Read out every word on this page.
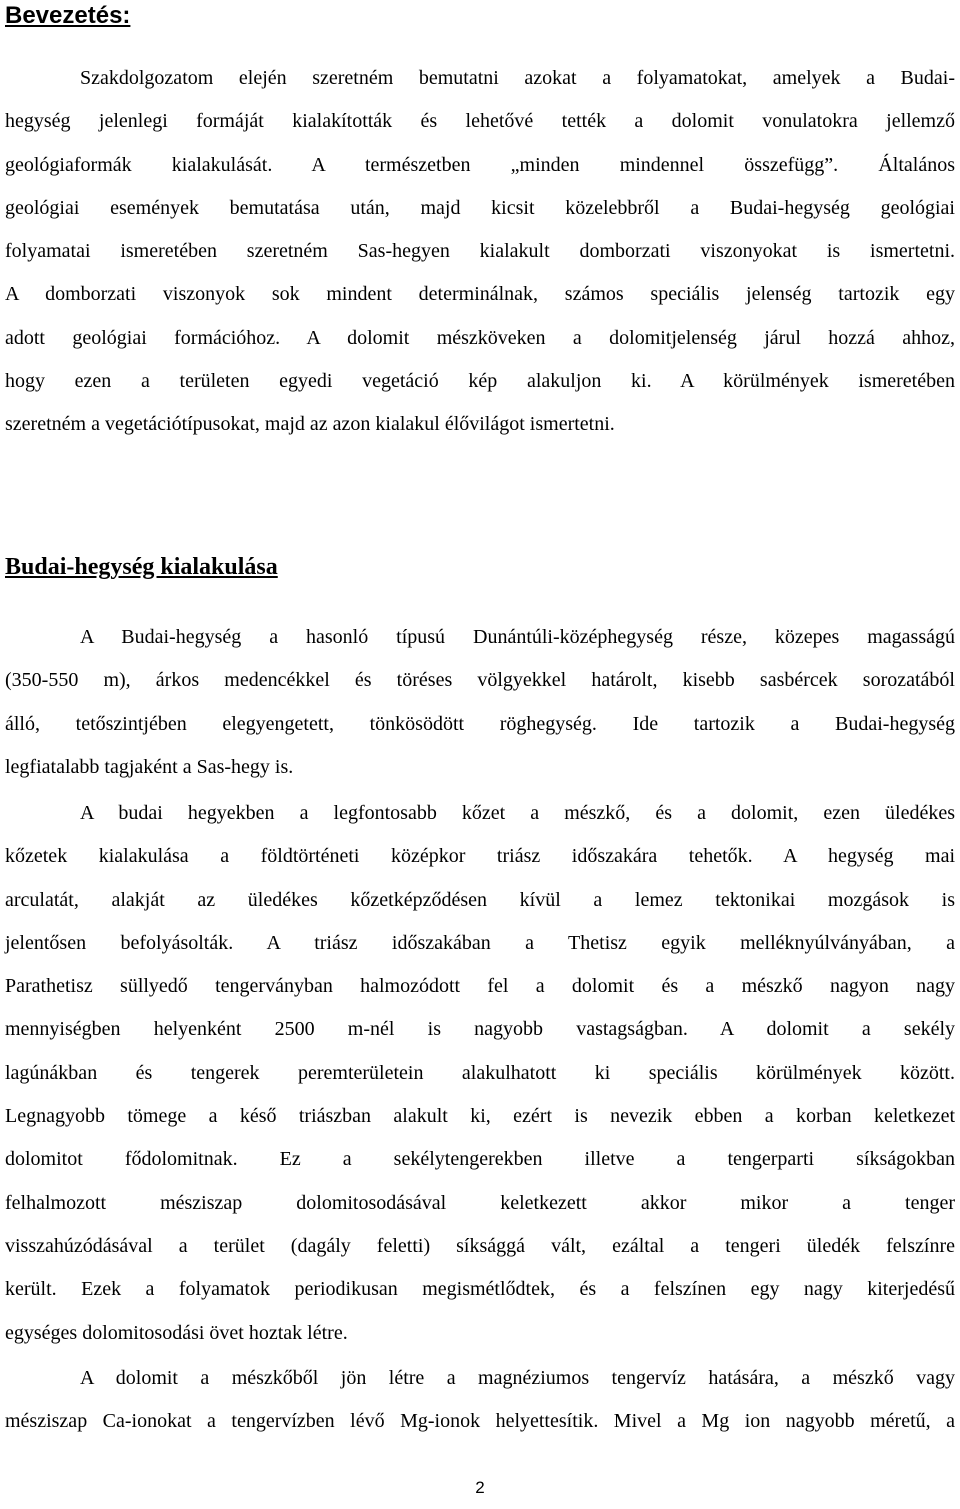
Bevezetés:

Szakdolgozatom elején szeretném bemutatni azokat a folyamatokat, amelyek a Budai-
hegység jelenlegi formáját kialakították és lehetővé tették a dolomit vonulatokra jellemző
geológiaformák kialakulását. A természetben „minden mindennel összefügg”. Általános
geológiai események bemutatása után, majd kicsit közelebbről a Budai-hegység geológiai
folyamatai ismeretében szeretném Sas-hegyen kialakult domborzati viszonyokat is ismertetni.
A domborzati viszonyok sok mindent determinálnak, számos speciális jelenség tartozik egy
adott geológiai formációhoz. A dolomit mészköveken a dolomitjelenség járul hozzá ahhoz,
hogy ezen a területen egyedi vegetáció kép alakuljon ki. A körülmények ismeretében
szeretném a vegetációtípusokat, majd az azon kialakul élővilágot ismertetni.

Budai-hegység kialakulása

A Budai-hegység a hasonló típusú Dunántúli-középhegység része, közepes magasságú
(350-550 m), árkos medencékkel és töréses völgyekkel határolt, kisebb sasbércek sorozatából
álló, tetőszintjében elegyengetett, tönkösödött röghegység. Ide tartozik a Budai-hegység
legfiatalabb tagjaként a Sas-hegy is.

A budai hegyekben a legfontosabb kőzet a mészkő, és a dolomit, ezen üledékes
kőzetek kialakulása a földtörténeti középkor triász időszakára tehetők. A hegység mai
arculatát, alakját az üledékes kőzetképződésen kívül a lemez tektonikai mozgások is
jelentősen befolyásolták. A triász időszakában a Thetisz egyik melléknyúlványában, a
Parathetisz süllyedő tengerványban halmozódott fel a dolomit és a mészkő nagyon nagy
mennyiségben helyenként 2500 m-nél is nagyobb vastagságban. A dolomit a sekély
lagúnákban és tengerek peremterületein alakulhatott ki speciális körülmények között.
Legnagyobb tömege a késő triászban alakult ki, ezért is nevezik ebben a korban keletkezet
dolomitot fődolomitnak. Ez a sekélytengerekben illetve a tengerparti síkságokban
felhalmozott mésziszap dolomitosodásával keletkezett akkor mikor a tenger
visszahúzódásával a terület (dagály feletti) síksággá vált, ezáltal a tengeri üledék felszínre
került. Ezek a folyamatok periodikusan megismétlődtek, és a felszínen egy nagy kiterjedésű
egységes dolomitosodási övet hoztak létre.

A dolomit a mészkőből jön létre a magnéziumos tengervíz hatására, a mészkő vagy
mésziszap Ca-ionokat a tengervízben lévő Mg-ionok helyettesítik. Mivel a Mg ion nagyobb méretű, a

2
